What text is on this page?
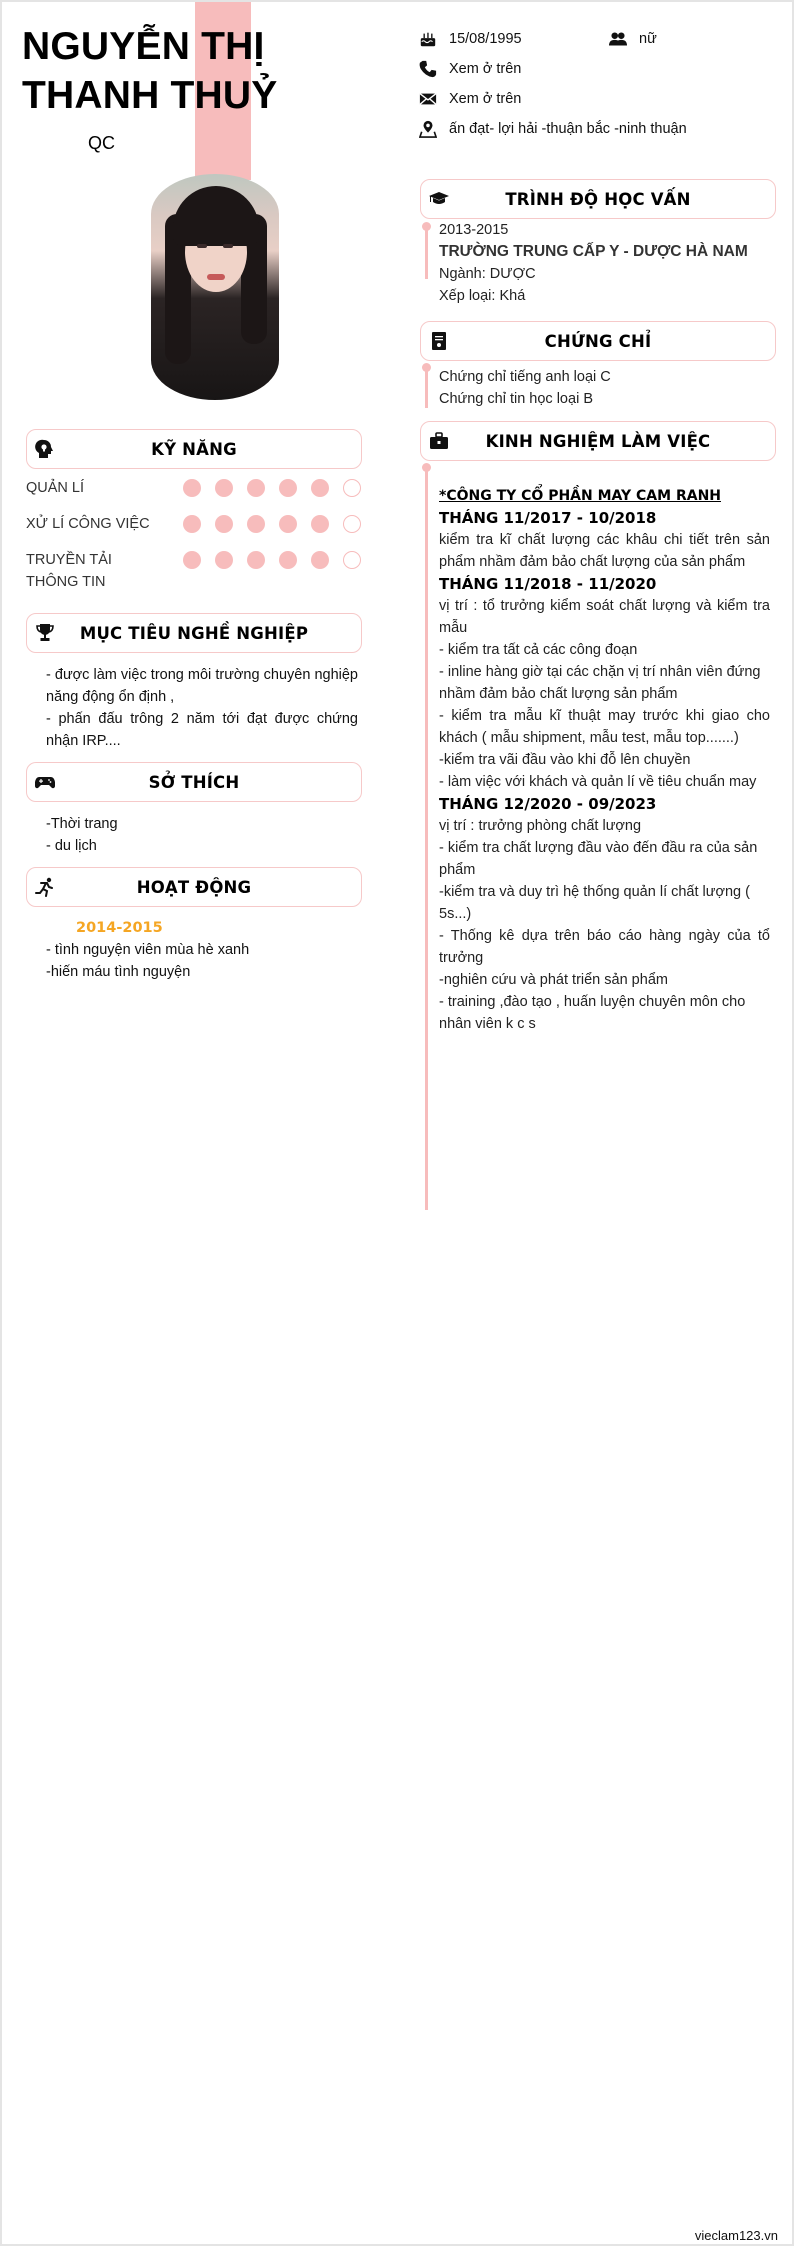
NGUYỄN THỊ
THANH THUỶ
QC
15/08/1995	nữ
Xem ở trên
Xem ở trên
ấn đạt- lợi hải -thuận bắc -ninh thuận
KỸ NĂNG
QUẢN LÍ
XỬ LÍ CÔNG VIỆC
TRUYỀN TẢI
THÔNG TIN
MỤC TIÊU NGHỀ NGHIỆP
- được làm việc trong môi trường chuyên nghiệp năng động ổn định ,
- phấn đấu trông 2 năm tới đạt được chứng nhận IRP....
SỞ THÍCH
-Thời trang
- du lịch
HOẠT ĐỘNG
2014-2015
- tình nguyện viên mùa hè xanh
-hiến máu tình nguyện
TRÌNH ĐỘ HỌC VẤN
2013-2015
TRƯỜNG TRUNG CẤP Y - DƯỢC HÀ NAM
Ngành: DƯỢC
Xếp loại: Khá
CHỨNG CHỈ
Chứng chỉ tiếng anh loại C
Chứng chỉ tin học loại B
KINH NGHIỆM LÀM VIỆC
*CÔNG TY CỔ PHẦN MAY CAM RANH
THÁNG 11/2017 - 10/2018
kiểm tra kĩ chất lượng các khâu chi tiết trên sản phẩm nhầm đảm bảo chất lượng của sản phẩm
THÁNG 11/2018 - 11/2020
vị trí : tổ trưởng kiểm soát chất lượng và kiểm tra mẫu
- kiểm tra tất cả các công đoạn
- inline hàng giờ tại các chặn vị trí nhân viên đứng nhầm đảm bảo chất lượng sản phẩm
- kiểm tra mẫu kĩ thuật may trước khi giao cho khách ( mẫu shipment, mẫu test, mẫu top.......)
-kiểm tra vãi đầu vào khi đỗ lên chuyền
- làm việc với khách và quản lí về tiêu chuẩn may
THÁNG 12/2020 - 09/2023
vị trí : trưởng phòng chất lượng
- kiểm tra chất lượng đầu vào đến đầu ra của sản phẩm
-kiểm tra và duy trì hệ thống quản lí chất lượng ( 5s...)
- Thống kê dựa trên báo cáo hàng ngày của tổ trưởng
-nghiên cứu và phát triển sản phẩm
- training ,đào tạo , huấn luyện chuyên môn cho nhân viên k c s
vieclam123.vn
